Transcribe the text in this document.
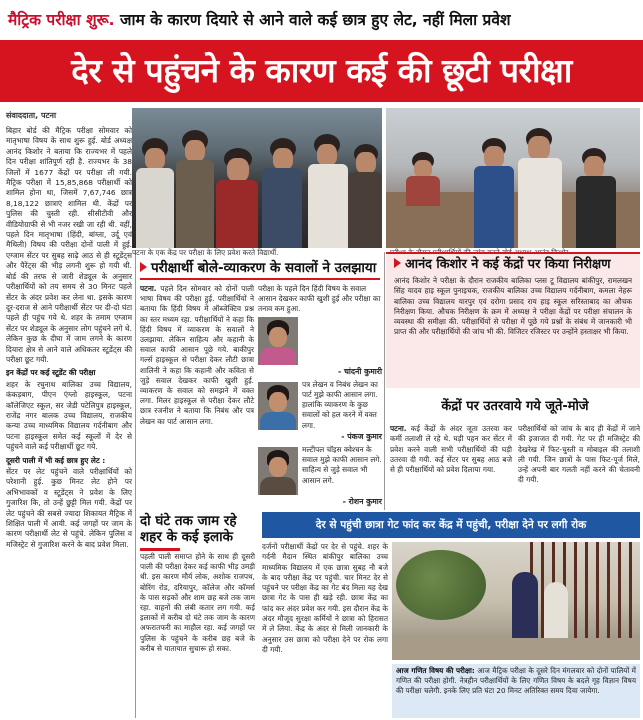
मैट्रिक परीक्षा शुरू. जाम के कारण दियारे से आने वाले कई छात्र हुए लेट, नहीं मिला प्रवेश
देर से पहुंचने के कारण कई की छूटी परीक्षा
संवाददाता, पटना

बिहार बोर्ड की मैट्रिक परीक्षा सोमवार को मातृभाषा विषय के साथ शुरू हुई. बोर्ड अध्यक्ष आनंद किशोर ने बताया कि राज्यभर में पहले दिन परीक्षा शांतिपूर्ण रही है. राज्यभर के 38 जिलों में 1677 केंद्रों पर परीक्षा ली गयी. मैट्रिक परीक्षा में 15,85,868 परीक्षार्थी को शामिल होना था, जिसमें 7,67,746 छात्र 8,18,122 छात्राएं शामिल थी. केंद्रों पर पुलिस की चुस्ती रही. सीसीटीवी और वीडियोग्राफी से भी नजर रखी जा रही थी. वहीं, पहले दिन मातृभाषा (हिंदी, बांग्ला, उर्दू एवं मैथिली) विषय की परीक्षा दोनों पाली में हुई. एग्जाम सेंटर पर सुबह साढ़े आठ से ही स्टूडेंट्स और पैरेंट्स की भीड़ लगनी शुरू हो गयी थी. बोर्ड की तरफ से जारी शेड्यूल के अनुसार परीक्षार्थियों को तय समय से 30 मिनट पहले सेंटर के अंदर प्रवेश कर लेना था. इसके कारण दूर-दराज से आने परीक्षार्थी सेंटर पर दी-दो घंटा पहले ही पहुंच गये थे. शहर के तमाम एग्जाम सेंटर पर शेड्यूल के अनुसार लोग पहुंचने लगे थे. लेकिन कुछ के दीघा में जाम लगने के कारण दियारा क्षेत्र से आने वाले अधिकतर स्टूडेंट्स की परीक्षा छूट गयी.

इन केंद्रों पर कई स्टूडेंट की परीक्षा

शहर के रघुनाथ बालिका उच्च विद्यालय, कंकड़बाग, पीएन एंग्लो हाइस्कूल, पटना कॉलेजिएट स्कूल, सर जेडी पटेलिपुत्र हाइस्कूल, राजेंद्र नगर बालक उच्च विद्यालय, राजकीय कन्या उच्च माध्यमिक विद्यालय गर्दनीबाग और पटना हाइस्कूल समेत कई स्कूलों में देर से पहुंचने वाले कई परीक्षार्थी छूट गये.

दूसरी पाली में भी कई छात्र हुए लेट :

सेंटर पर लेट पहुंचने वाले परीक्षार्थियों को परेशानी हुई. कुछ मिनट लेट होने पर अभिभावकों व स्टूडेंट्स ने प्रवेश के लिए गुजारिश कि, तो उन्हें छुट्टी मिल गयी. केंद्रों पर लेट पहुंचने की सबसे ज्यादा शिकायत मैट्रिक में शिक्षित पाली में आयी. कई जगहों पर जाम के कारण परीक्षार्थी लेट से पहुंचे. लेकिन पुलिस व मजिस्ट्रेट से गुजारिश करने के बाद प्रवेश मिला.

पटना के एक केंद्र पर परीक्षा के लिए प्रवेश करते विद्यार्थी.
परीक्षार्थी बोले-व्याकरण के सवालों ने उलझाया
पटना. पहले दिन सोमवार को दोनों पाली भाषा विषय की परीक्षा हुई. परीक्षार्थियों ने बताया कि हिंदी विषय में ऑब्जेक्टिव प्रश्न का स्तर मध्यम रहा. परीक्षार्थियों ने कहा कि हिंदी विषय में व्याकरण के सवालों ने उलझाया. लेकिन साहित्य और कहानी के सवाल काफी आसान पूछे गये. बाकीपुर गर्ल्स हाइस्कूल से परीक्षा देकर लौटी छात्रा शालिनी ने कहा कि कहानी और कविता से जुड़े सवाल देखकर काफी खुशी हुई. व्याकरण के सवाल को समझने में वक्त लगा. मिलर हाइस्कूल से परीक्षा देकर लौटे छात्र रजनीश ने बताया कि निबंध और पत्र लेखन का पार्ट आसान लगा.
परीक्षा के पहले दिन हिंदी विषय के सवाल आसान देखकर काफी खुशी हुई और परीक्षा का तनाव कम हुआ.
- चांदनी कुमारी
पत्र लेखन व निबंध लेखन का पार्ट मुझे काफी आसान लगा. हालांकि व्याकरण के कुछ सवालों को हल करने में वक्त लगा.
- पंकज कुमार
मल्टीपल चॉइस क्वेश्चन के सवाल मुझे काफी आसान लगे. साहित्य से जुड़े सवाल भी आसान लगे.
- रोशन कुमार
दो घंटे तक जाम रहे शहर के कई इलाके
पहली पाली समाप्त होने के साथ ही दूसरी पाली की परीक्षा देकर कई काफी भीड़ उमड़ी थी. इस कारण मौर्य लोक, अशोक राजपथ, बोरिंग रोड, दरियापुर, कॉलेज और कॉमर्स के पास सड़कों और शाम छह बजे तक जाम रहा. वाहनों की लंबी कतार लग गयी. कई इलाकों में करीब दो घंटे तक जाम के कारण अफरातफरी का माहौल रहा. कई जगहों पर पुलिस के पहुंचने के करीब छह बजे के करीब से यातायात सुचारू हो सका.
आनंद किशोर ने कई केंद्रों पर किया निरीक्षण
आनंद किशोर ने परीक्षा के दौरान राजकीय बालिका प्लस टू विद्यालय बांकीपुर, रामलखन सिंह यादव हाइ स्कूल पुनाइचक, राजकीय बालिका उच्च विद्यालय गर्दनीबाग, कमला नेहरू बालिका उच्च विद्यालय यारपुर एवं दरोगा प्रसाद राय हाइ स्कूल सरिस्ताबाद का औचक निरीक्षण किया. औचक निरीक्षण के क्रम में अध्यक्ष ने परीक्षा केंद्रों पर परीक्षा संचालन के व्यवस्था की समीक्षा की. परीक्षार्थियों से परीक्षा में पूछे गये प्रश्नों के संबंध में जानकारी भी प्राप्त की और परीक्षार्थियों की जांच भी की. विजिटर रजिस्टर पर उन्होंने हस्ताक्षर भी किया.
केंद्रों पर उतरवाये गये जूते-मोजे
पटना. कई केंद्रों के अंदर जूता उतरवा कर कर्मी तलाशी ले रहे थे. घड़ी पहन कर सेंटर में प्रवेश करने वाली सभी परीक्षार्थियों की घड़ी उतरवा दी गयी. कई सेंटर पर सुबह आठ बजे से ही परीक्षार्थियों को प्रवेश दिलाया गया.
परीक्षार्थियों को जांच के बाद ही केंद्रों में जाने की इजाजत दी गयी. गेट पर ही मजिस्ट्रेट की देखरेख में फिट-चुस्ती व मोबाइल की तलाशी ली गयी. जिन छात्रों के पास फिट-पूर्ज मिले, उन्हें अपनी बार गलती नहीं करने की चेतावनी दी गयी.
देर से पहुंची छात्रा गेट फांद कर केंद्र में पहुंची, परीक्षा देने पर लगी रोक
दर्जनों परीक्षार्थी केंद्रों पर देर से पहुंचे. शहर के गर्दनी मैदान स्थित बांकीपुर बालिका उच्च माध्यमिक विद्यालय में एक छात्रा सुबह नौ बजे के बाद परीक्षा केंद्र पर पहुंची. चार मिनट देर से पहुंचने पर परीक्षा केंद्र का गेट बंद मिला यह देख छात्रा गेट के पास ही खड़े रही. छात्रा केंद्र का फांद कर अंदर प्रवेश कर गयी. इस दौरान केंद्र के अंदर मौजूद सुरक्षा कर्मियों ने छात्रा को हिरासत में ले लिया. केंद्र के अंदर से मिली जानकारी के अनुसार उस छात्रा को परीक्षा देने पर रोक लगा दी गयी.
आज गणित विषय की परीक्षा: आज मैट्रिक परीक्षा के दूसरे दिन मंगलवार को दोनों पालियों में गणित की परीक्षा होगी. नेत्रहीन परीक्षार्थियों के लिए गणित विषय के बदले गृह विज्ञान विषय की परीक्षा चलेगी. इनके लिए प्रति घंटा 20 मिनट अतिरिक्त समय दिया जायेगा.
